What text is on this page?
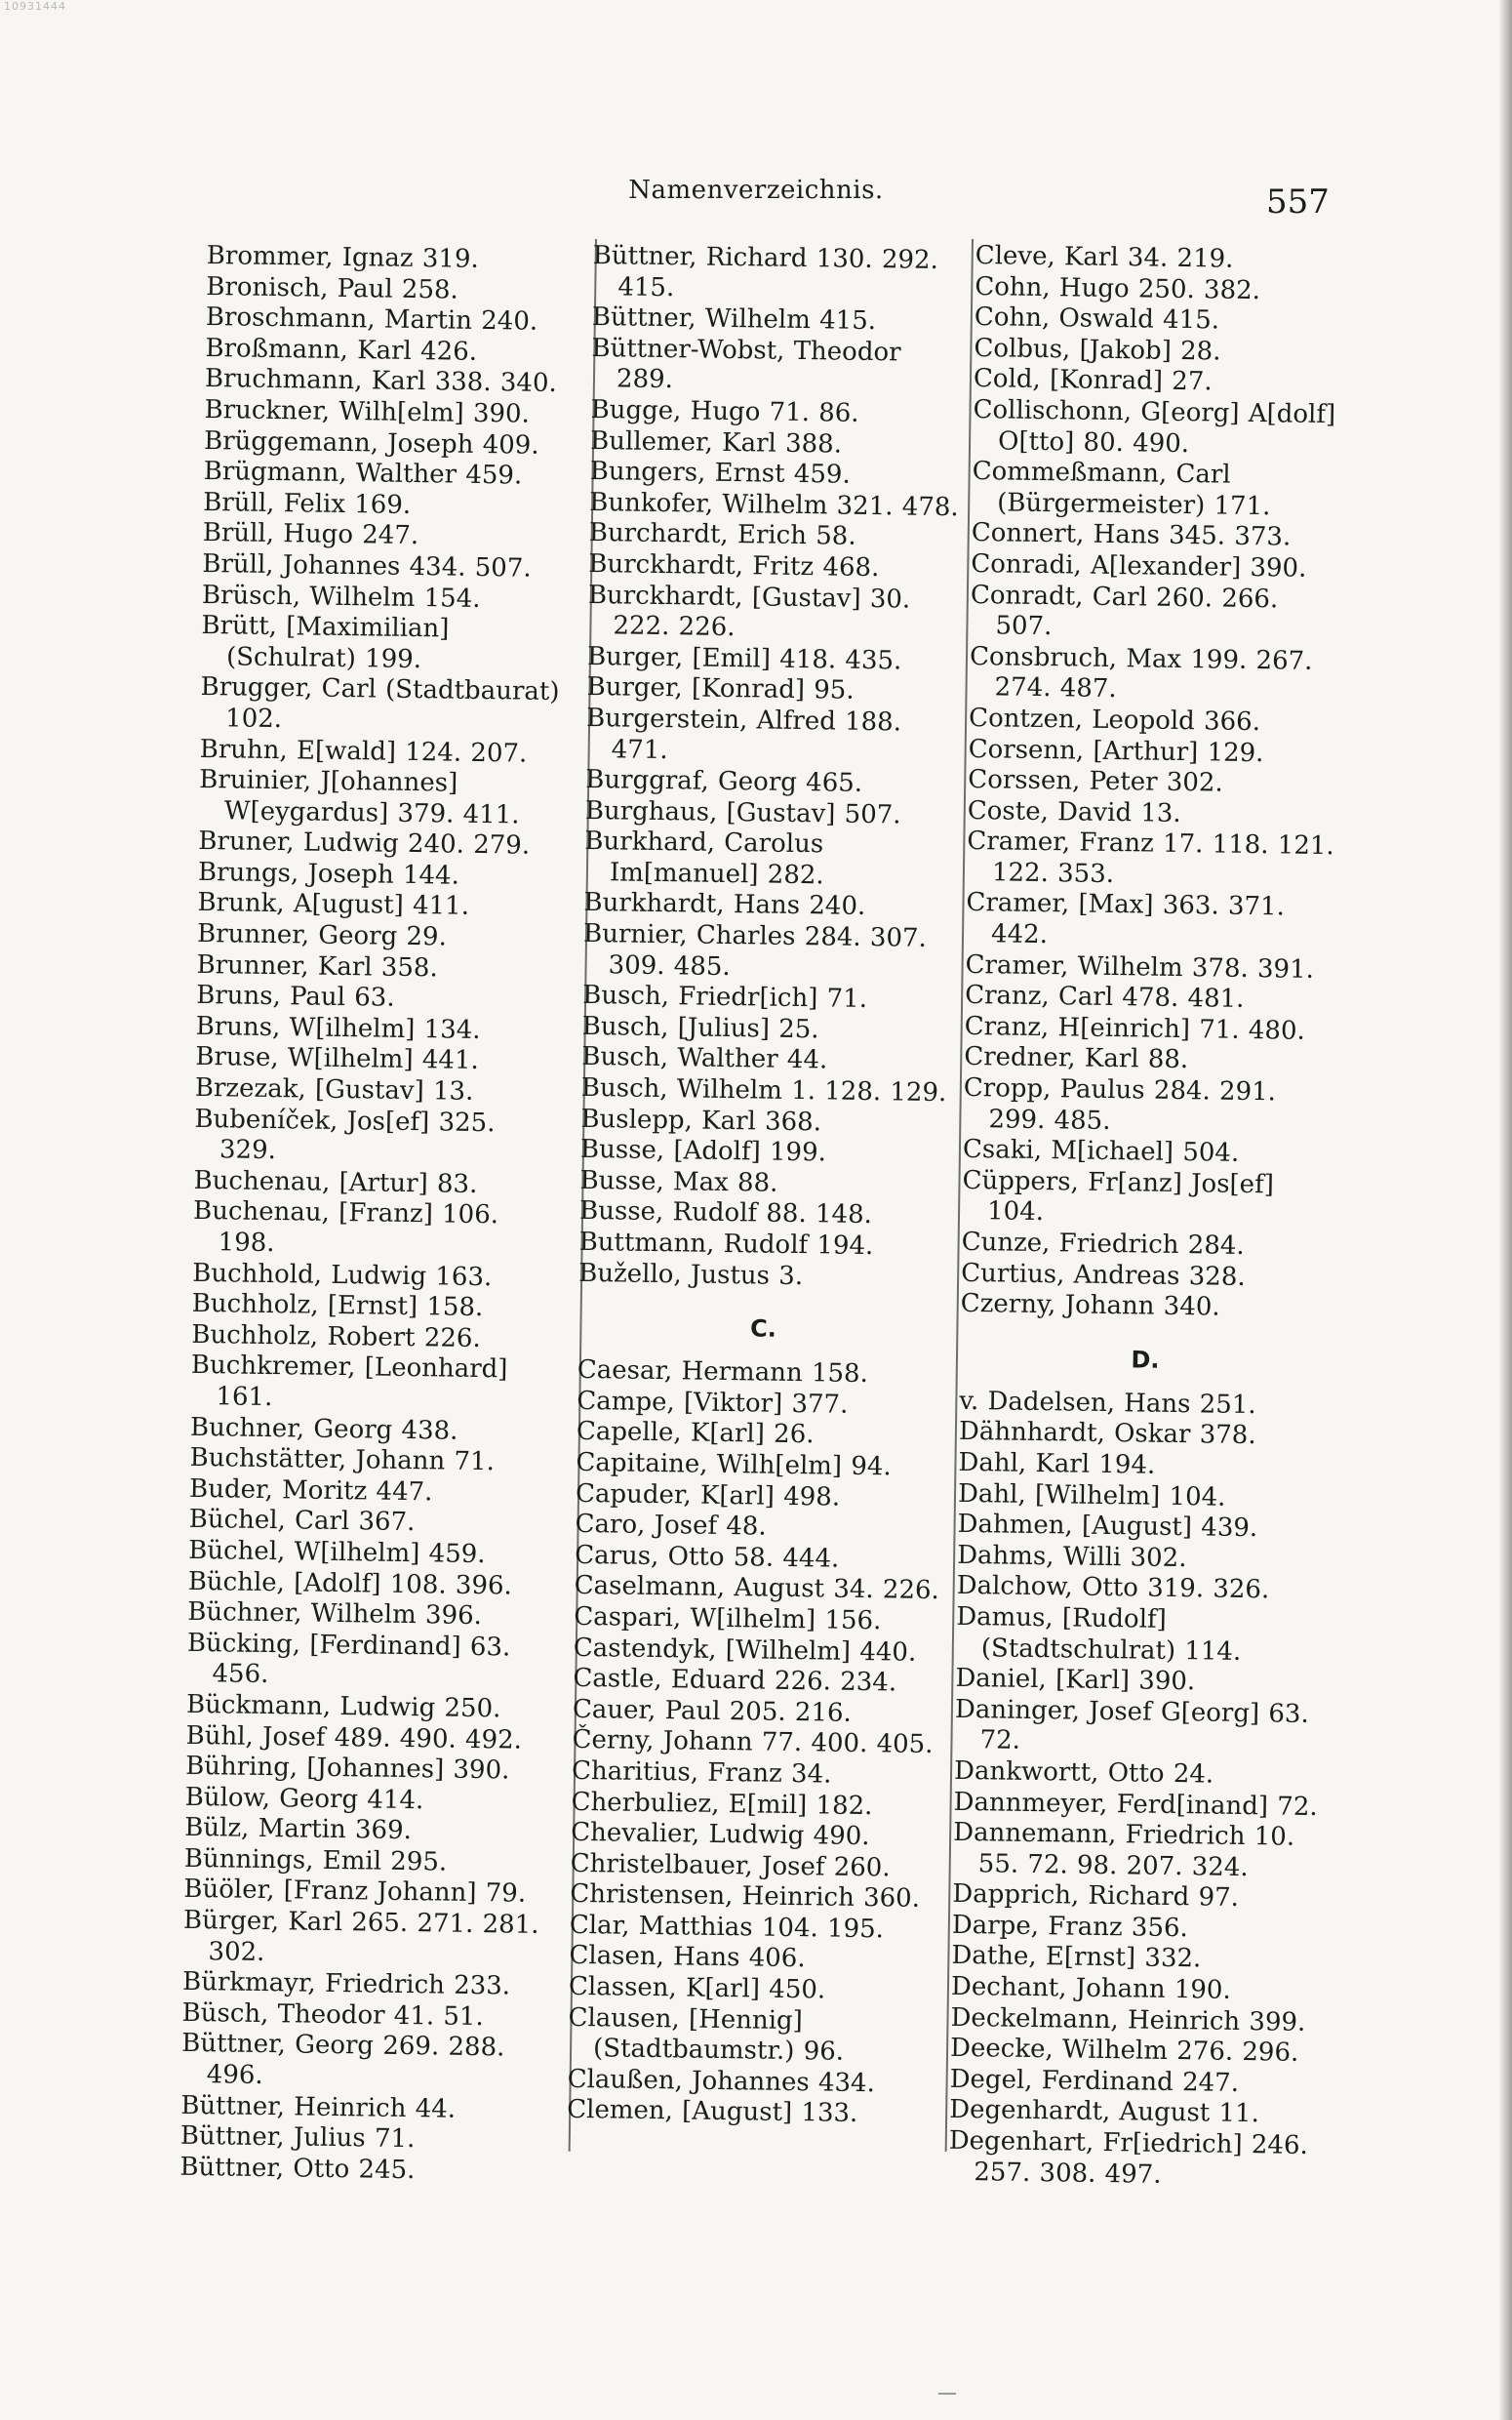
10931444
Namenverzeichnis.	557
Brommer, Ignaz 319.
Bronisch, Paul 258.
Broschmann, Martin 240.
Broßmann, Karl 426.
Bruchmann, Karl 338. 340.
Bruckner, Wilh[elm] 390.
Brüggemann, Joseph 409.
Brügmann, Walther 459.
Brüll, Felix 169.
Brüll, Hugo 247.
Brüll, Johannes 434. 507.
Brüsch, Wilhelm 154.
Brütt, [Maximilian] (Schulrat) 199.
Brugger, Carl (Stadtbaurat) 102.
Bruhn, E[wald] 124. 207.
Bruinier, J[ohannes] W[eygardus] 379. 411.
Bruner, Ludwig 240. 279.
Brungs, Joseph 144.
Brunk, A[ugust] 411.
Brunner, Georg 29.
Brunner, Karl 358.
Bruns, Paul 63.
Bruns, W[ilhelm] 134.
Bruse, W[ilhelm] 441.
Brzezak, [Gustav] 13.
Bubeníček, Jos[ef] 325. 329.
Buchenau, [Artur] 83.
Buchenau, [Franz] 106. 198.
Buchhold, Ludwig 163.
Buchholz, [Ernst] 158.
Buchholz, Robert 226.
Buchkremer, [Leonhard] 161.
Buchner, Georg 438.
Buchstätter, Johann 71.
Buder, Moritz 447.
Büchel, Carl 367.
Büchel, W[ilhelm] 459.
Büchle, [Adolf] 108. 396.
Büchner, Wilhelm 396.
Bücking, [Ferdinand] 63. 456.
Bückmann, Ludwig 250.
Bühl, Josef 489. 490. 492.
Bühring, [Johannes] 390.
Bülow, Georg 414.
Bülz, Martin 369.
Bünnings, Emil 295.
Büöler, [Franz Johann] 79.
Bürger, Karl 265. 271. 281. 302.
Bürkmayr, Friedrich 233.
Büsch, Theodor 41. 51.
Büttner, Georg 269. 288. 496.
Büttner, Heinrich 44.
Büttner, Julius 71.
Büttner, Otto 245.
Büttner, Richard 130. 292. 415.
Büttner, Wilhelm 415.
Büttner-Wobst, Theodor 289.
Bugge, Hugo 71. 86.
Bullemer, Karl 388.
Bungers, Ernst 459.
Bunkofer, Wilhelm 321. 478.
Burchardt, Erich 58.
Burckhardt, Fritz 468.
Burckhardt, [Gustav] 30. 222. 226.
Burger, [Emil] 418. 435.
Burger, [Konrad] 95.
Burgerstein, Alfred 188. 471.
Burggraf, Georg 465.
Burghaus, [Gustav] 507.
Burkhard, Carolus Im[manuel] 282.
Burkhardt, Hans 240.
Burnier, Charles 284. 307. 309. 485.
Busch, Friedr[ich] 71.
Busch, [Julius] 25.
Busch, Walther 44.
Busch, Wilhelm 1. 128. 129.
Buslepp, Karl 368.
Busse, [Adolf] 199.
Busse, Max 88.
Busse, Rudolf 88. 148.
Buttmann, Rudolf 194.
Bužello, Justus 3.
C.
Caesar, Hermann 158.
Campe, [Viktor] 377.
Capelle, K[arl] 26.
Capitaine, Wilh[elm] 94.
Capuder, K[arl] 498.
Caro, Josef 48.
Carus, Otto 58. 444.
Caselmann, August 34. 226.
Caspari, W[ilhelm] 156.
Castendyk, [Wilhelm] 440.
Castle, Eduard 226. 234.
Cauer, Paul 205. 216.
Černy, Johann 77. 400. 405.
Charitius, Franz 34.
Cherbuliez, E[mil] 182.
Chevalier, Ludwig 490.
Christelbauer, Josef 260.
Christensen, Heinrich 360.
Clar, Matthias 104. 195.
Clasen, Hans 406.
Classen, K[arl] 450.
Clausen, [Hennig] (Stadtbaumstr.) 96.
Claußen, Johannes 434.
Clemen, [August] 133.
Cleve, Karl 34. 219.
Cohn, Hugo 250. 382.
Cohn, Oswald 415.
Colbus, [Jakob] 28.
Cold, [Konrad] 27.
Collischonn, G[eorg] A[dolf] O[tto] 80. 490.
Commeßmann, Carl (Bürgermeister) 171.
Connert, Hans 345. 373.
Conradi, A[lexander] 390.
Conradt, Carl 260. 266. 507.
Consbruch, Max 199. 267. 274. 487.
Contzen, Leopold 366.
Corsenn, [Arthur] 129.
Corssen, Peter 302.
Coste, David 13.
Cramer, Franz 17. 118. 121. 122. 353.
Cramer, [Max] 363. 371. 442.
Cramer, Wilhelm 378. 391.
Cranz, Carl 478. 481.
Cranz, H[einrich] 71. 480.
Credner, Karl 88.
Cropp, Paulus 284. 291. 299. 485.
Csaki, M[ichael] 504.
Cüppers, Fr[anz] Jos[ef] 104.
Cunze, Friedrich 284.
Curtius, Andreas 328.
Czerny, Johann 340.
D.
v. Dadelsen, Hans 251.
Dähnhardt, Oskar 378.
Dahl, Karl 194.
Dahl, [Wilhelm] 104.
Dahmen, [August] 439.
Dahms, Willi 302.
Dalchow, Otto 319. 326.
Damus, [Rudolf] (Stadtschulrat) 114.
Daniel, [Karl] 390.
Daninger, Josef G[eorg] 63. 72.
Dankwortt, Otto 24.
Dannmeyer, Ferd[inand] 72.
Dannemann, Friedrich 10. 55. 72. 98. 207. 324.
Dapprich, Richard 97.
Darpe, Franz 356.
Dathe, E[rnst] 332.
Dechant, Johann 190.
Deckelmann, Heinrich 399.
Deecke, Wilhelm 276. 296.
Degel, Ferdinand 247.
Degenhardt, August 11.
Degenhart, Fr[iedrich] 246. 257. 308. 497.
